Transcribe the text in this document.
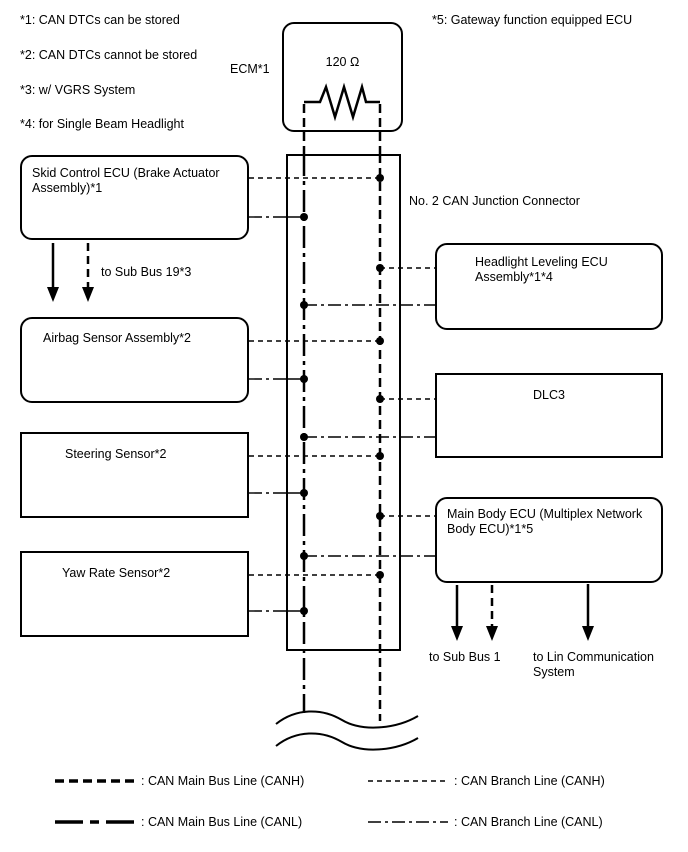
*1: CAN DTCs can be stored
*2: CAN DTCs cannot be stored
*3: w/ VGRS System
*4: for Single Beam Headlight
*5: Gateway function equipped ECU
ECM*1	120 Ω
No. 2 CAN Junction Connector
Skid Control ECU (Brake Actuator Assembly)*1
Airbag Sensor Assembly*2
Steering Sensor*2
Yaw Rate Sensor*2
Headlight Leveling ECU Assembly*1*4
DLC3
Main Body ECU (Multiplex Network Body ECU)*1*5
to Sub Bus 19*3
to Sub Bus 1	to Lin Communication System
: CAN Main Bus Line (CANH)
: CAN Main Bus Line (CANL)
: CAN Branch Line (CANH)
: CAN Branch Line (CANL)
